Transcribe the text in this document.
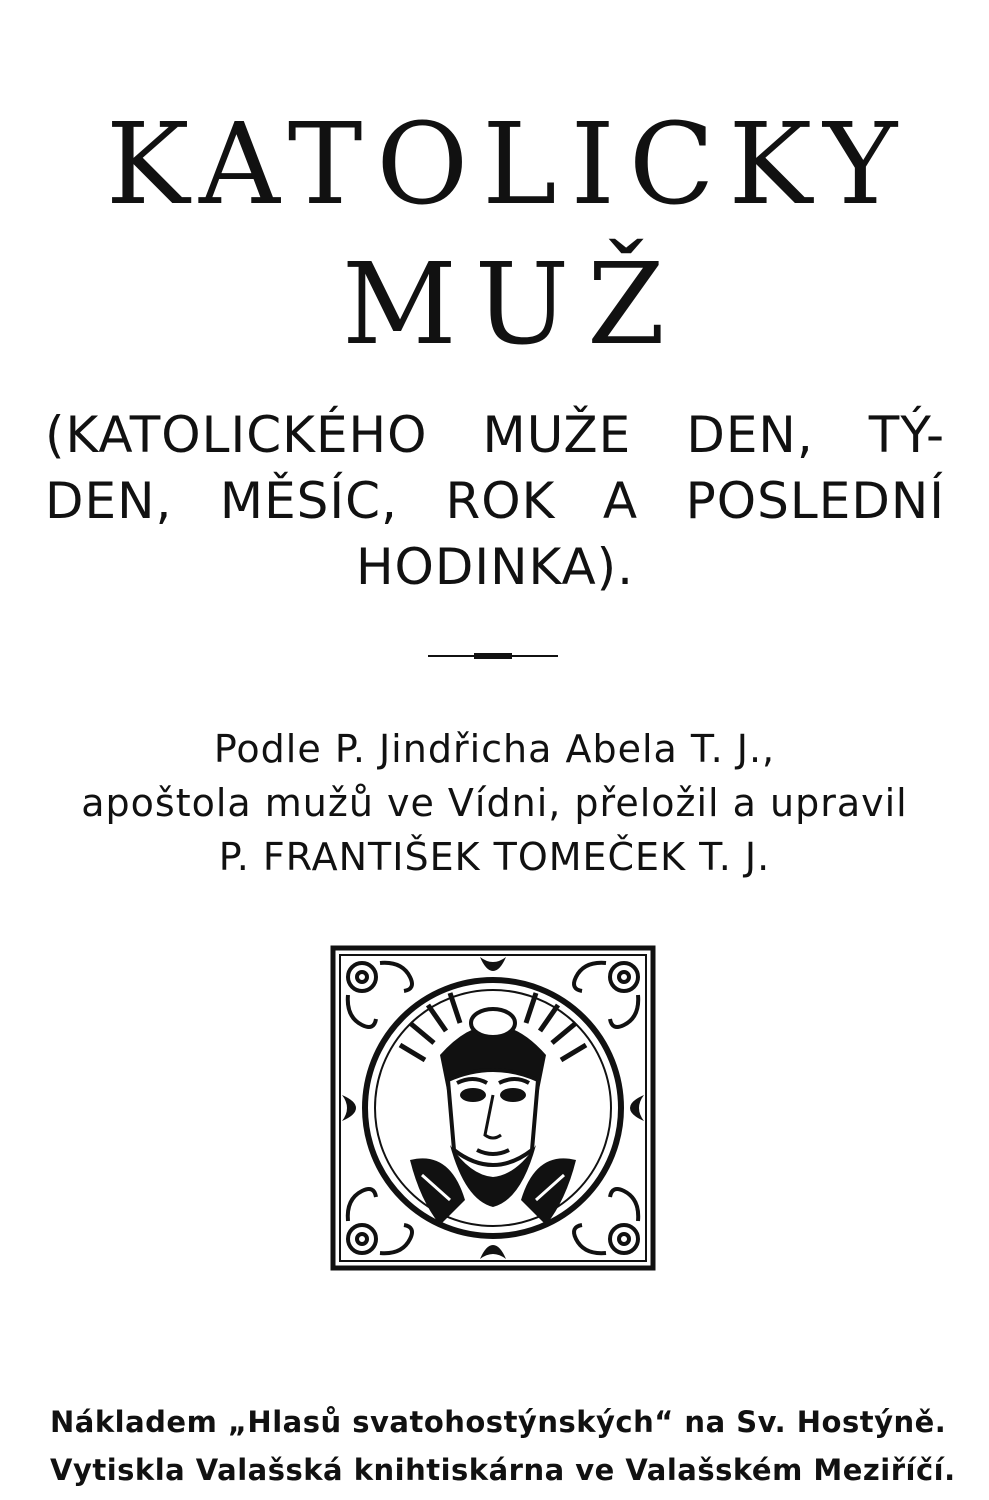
KATOLICKY
MUŽ
(KATOLICKÉHO MUŽE DEN, TÝ-
DEN, MĚSÍC, ROK A POSLEDNÍ
HODINKA).
Podle P. Jindřicha Abela T. J.,
apoštola mužů ve Vídni, přeložil a upravil
P. FRANTIŠEK TOMEČEK T. J.
Nákladem „Hlasů svatohostýnských“ na Sv. Hostýně.
Vytiskla Valašská knihtiskárna ve Valašském Meziříčí.
